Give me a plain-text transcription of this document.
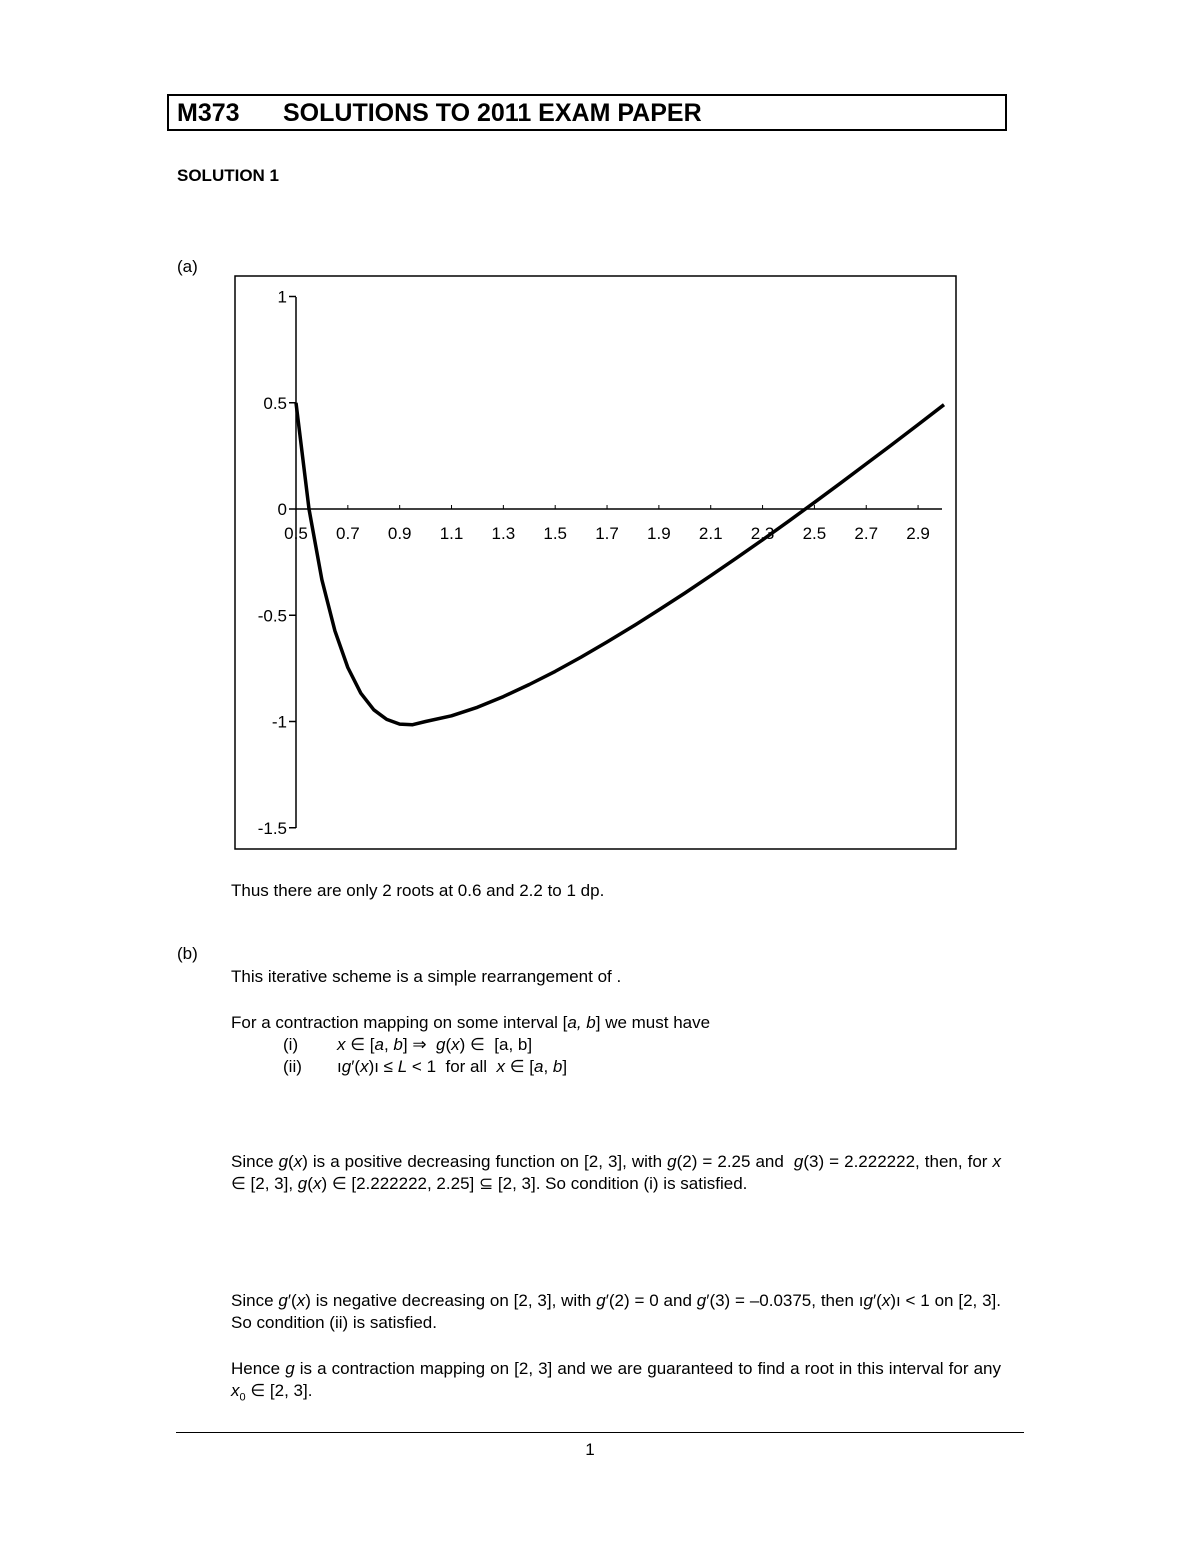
M373 SOLUTIONS TO 2011 EXAM PAPER
SOLUTION 1
(a)
1
0.5
0
-0.5
-1
-1.5
0.5 0.7 0.9 1.1 1.3 1.5 1.7 1.9 2.1 2.3 2.5 2.7 2.9
Thus there are only 2 roots at 0.6 and 2.2 to 1 dp.
(b)
This iterative scheme is a simple rearrangement of .
For a contraction mapping on some interval [a, b] we must have
(i) x ∈ [a, b] ⇒  g(x) ∈  [a, b]
(ii) ıg′(x)ı ≤ L < 1  for all x ∈ [a, b]
Since g(x) is a positive decreasing function on [2, 3], with g(2) = 2.25 and g(3) = 2.222222, then, for x ∈ [2, 3], g(x) ∈ [2.222222, 2.25] ⊆ [2, 3]. So condition (i) is satisfied.
Since g′(x) is negative decreasing on [2, 3], with g′(2) = 0 and g′(3) = –0.0375, then ıg′(x)ı < 1 on [2, 3]. So condition (ii) is satisfied.
Hence g is a contraction mapping on [2, 3] and we are guaranteed to find a root in this interval for any $x_0$ ∈ [2, 3].
1
